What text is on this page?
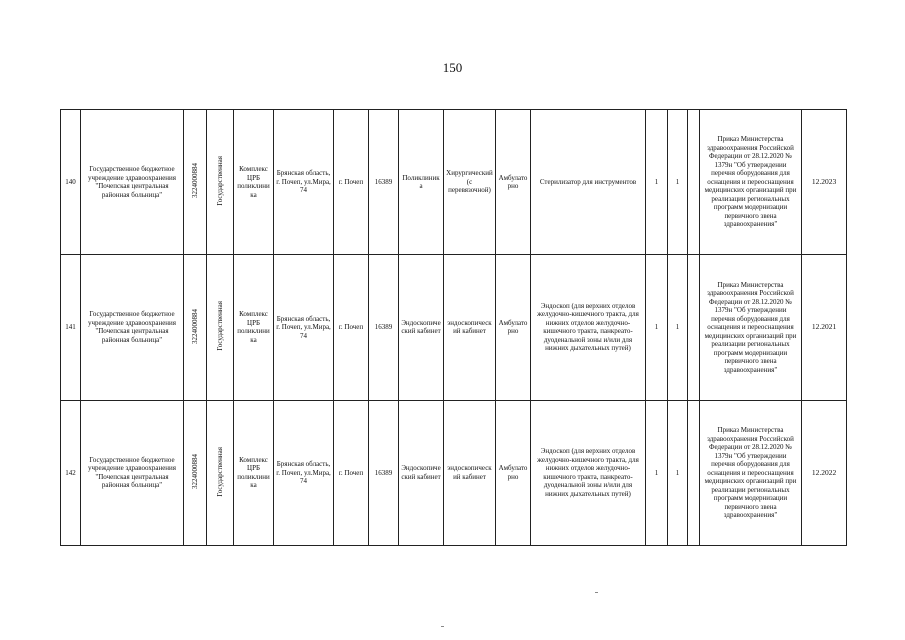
150
140	Государственное бюджетное учреждение здравоохранения "Почепская центральная районная больница"	3224000884	Государственная	Комплекс ЦРБ поликлиника	Брянская область, г. Почеп, ул.Мира, 74	г. Почеп	16389	Поликлиника	Хирургический (с перевязочной)	Амбулаторно	Стерилизатор для инструментов	1	1		Приказ Министерства здравоохранения Российской Федерации от 28.12.2020 № 1379н "Об утверждении перечня оборудования для оснащения и переоснащения медицинских организаций при реализации региональных программ модернизации первичного звена здравоохранения"	12.2023
141	Государственное бюджетное учреждение здравоохранения "Почепская центральная районная больница"	3224000884	Государственная	Комплекс ЦРБ поликлиника	Брянская область, г. Почеп, ул.Мира, 74	г. Почеп	16389	Эндоскопический кабинет	эндоскопический кабинет	Амбулаторно	Эндоскоп (для верхних отделов желудочно-кишечного тракта, для нижних отделов желудочно-кишечного тракта, панкреато-дуоденальной зоны и/или для нижних дыхательных путей)	1	1		Приказ Министерства здравоохранения Российской Федерации от 28.12.2020 № 1379н "Об утверждении перечня оборудования для оснащения и переоснащения медицинских организаций при реализации региональных программ модернизации первичного звена здравоохранения"	12.2021
142	Государственное бюджетное учреждение здравоохранения "Почепская центральная районная больница"	3224000884	Государственная	Комплекс ЦРБ поликлиника	Брянская область, г. Почеп, ул.Мира, 74	г. Почеп	16389	Эндоскопический кабинет	эндоскопический кабинет	Амбулаторно	Эндоскоп (для верхних отделов желудочно-кишечного тракта, для нижних отделов желудочно-кишечного тракта, панкреато-дуоденальной зоны и/или для нижних дыхательных путей)	1	1		Приказ Министерства здравоохранения Российской Федерации от 28.12.2020 № 1379н "Об утверждении перечня оборудования для оснащения и переоснащения медицинских организаций при реализации региональных программ модернизации первичного звена здравоохранения"	12.2022
